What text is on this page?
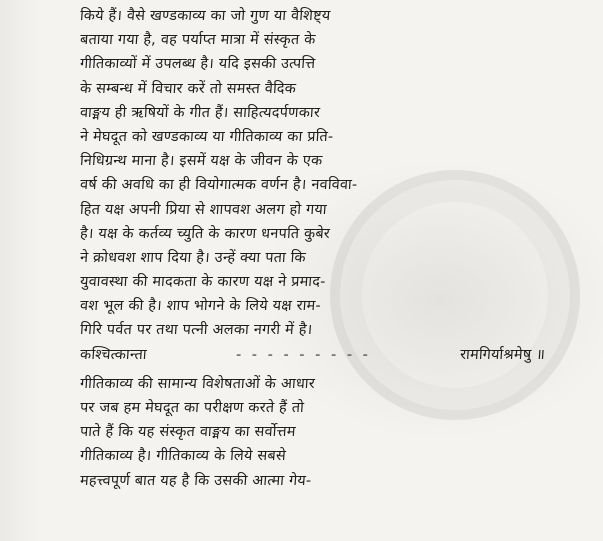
किये हैं। वैसे खण्डकाव्य का जो गुण या वैशिष्ट्य
बताया गया है, वह पर्याप्त मात्रा में संस्कृत के
गीतिकाव्यों में उपलब्ध है। यदि इसकी उत्पत्ति
के सम्बन्ध में विचार करें तो समस्त वैदिक
वाङ्मय ही ऋषियों के गीत हैं। साहित्यदर्पणकार
ने मेघदूत को खण्डकाव्य या गीतिकाव्य का प्रति-
निधिग्रन्थ माना है। इसमें यक्ष के जीवन के एक
वर्ष की अवधि का ही वियोगात्मक वर्णन है। नवविवा-
हित यक्ष अपनी प्रिया से शापवश अलग हो गया
है। यक्ष के कर्तव्य च्युति के कारण धनपति कुबेर
ने क्रोधवश शाप दिया है। उन्हें क्या पता कि
युवावस्था की मादकता के कारण यक्ष ने प्रमाद-
वश भूल की है। शाप भोगने के लिये यक्ष राम-
गिरि पर्वत पर तथा पत्नी अलका नगरी में है।
कश्चित्कान्ता	- - - - - - - - -	रामगिर्याश्रमेषु ॥
गीतिकाव्य की सामान्य विशेषताओं के आधार
पर जब हम मेघदूत का परीक्षण करते हैं तो
पाते हैं कि यह संस्कृत वाङ्मय का सर्वोत्तम
गीतिकाव्य है। गीतिकाव्य के लिये सबसे
महत्त्वपूर्ण बात यह है कि उसकी आत्मा गेय-
